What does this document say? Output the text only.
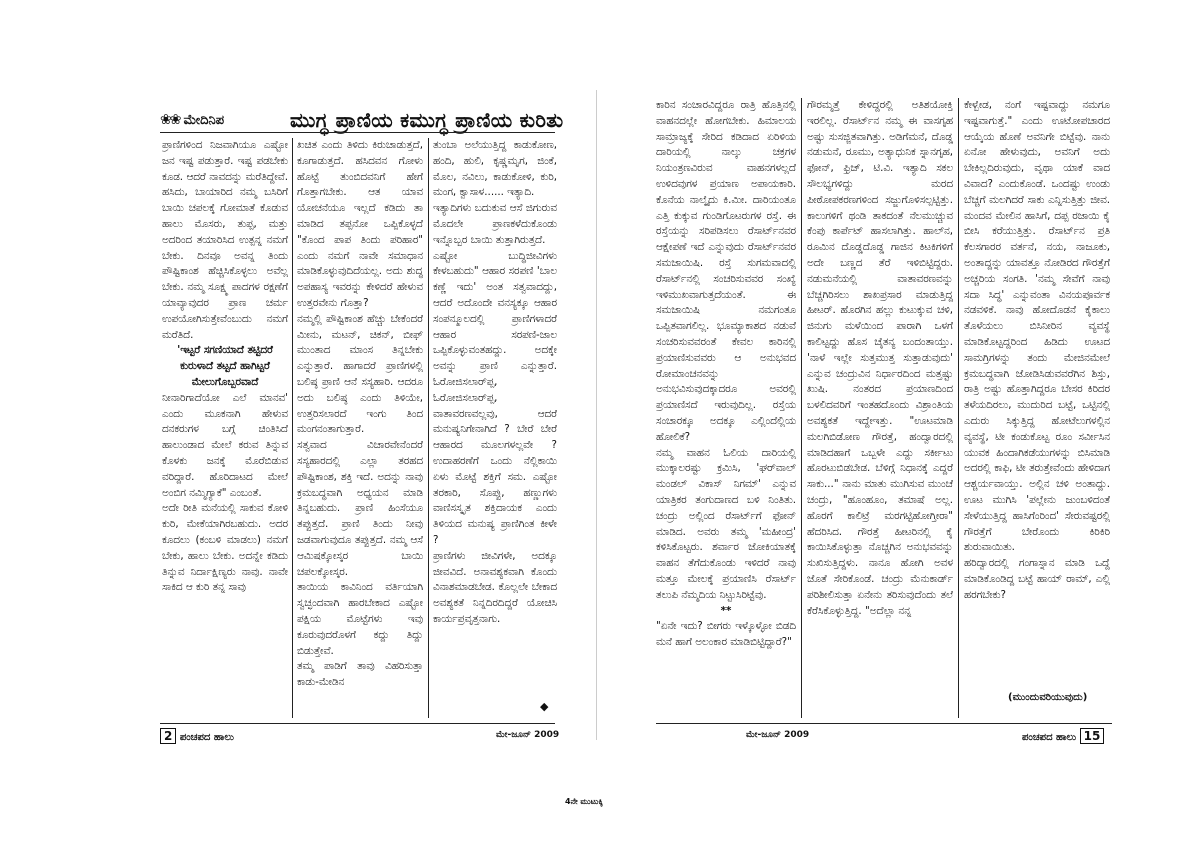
❀❀ ಮೇದಿನಿಪ	ಮುಗ್ಧ ಪ್ರಾಣಿಯ ಕಮುಗ್ಧ ಪ್ರಾಣಿಯ ಕುರಿತು

ಪ್ರಾಣಿಗಳಿಂದ ನಿಜವಾಗಿಯೂ ಎಷ್ಟೋ ಜನ ಇಷ್ಟ ಪಡುತ್ತಾರೆ. ಇಷ್ಟ ಪಡಬೇಕು ಕೂಡ. ಆದರೆ ನಾವದನ್ನು ಮರೆತಿದ್ದೇವೆ. ಹಸಿದು, ಬಾಯಾರಿದ ನಮ್ಮ ಬಸಿರಿಗೆ ಬಾಯಿ ಚಪಲಕ್ಕೆ ಗೋಮಾತೆ ಕೊಡುವ ಹಾಲು ಮೊಸರು, ತುಪ್ಪ, ಮತ್ತು ಅದರಿಂದ ತಯಾರಿಸಿದ ಉತ್ಪನ್ನ ನಮಗೆ ಬೇಕು. ದಿನವೂ ಅವನ್ನ ತಿಂದು ಪೌಷ್ಟಿಕಾಂಶ ಹೆಚ್ಚಿಸಿಕೊಳ್ಳಲು ಅವೆಲ್ಲ ಬೇಕು. ನಮ್ಮ ಸೂಕ್ಷ್ಮ ಪಾದಗಳ ರಕ್ಷಣೆಗೆ ಯಾವ್ಯಾವುದರ ಪ್ರಾಣ ಚರ್ಮ ಉಪಯೋಗಿಸುತ್ತೇವೆಂಬುದು ನಮಗೆ ಮರೆತಿದೆ.

'ಇಟ್ಟರೆ ಸಗಣಿಯಾದೆ ತಟ್ಟಿದರೆ ಕುರುಳಾದೆ ತಟ್ಟದೆ ಹಾಗಿಟ್ಟರೆ ಮೇಲುಗೊಬ್ಬರವಾದೆ

ನೀನಾರಿಗಾದೆಯೋ ಎಲೆ ಮಾನವ' ಎಂದು ಮೂಕನಾಗಿ ಹೇಳುವ ದನಕರುಗಳ ಬಗ್ಗೆ ಚಿಂತಿಸಿದೆ ಹಾಲುಂಡಾದ ಮೇಲೆ ಕರುವ ತಿನ್ನುವ ಕೊಳಕು ಜನಕ್ಕೆ ಮೊರೆಬಿಡುವ ವರಿದ್ದಾರೆ. ಹೊರಿದಾಟದ ಮೇಲೆ ಅಂಬಿಗ ನಮ್ಮಿಗ್ಯಾಕೆ" ಎಂಬಂತೆ.

ಅದೇ ರೀತಿ ಮನೆಯಲ್ಲಿ ಸಾಕುವ ಕೋಳಿ ಕುರಿ, ಮೇಕೆಯಾಗಿರಬಹುದು. ಅದರ ಕೂದಲು (ಕಂಬಳಿ ಮಾಡಲು) ನಮಗೆ ಬೇಕು, ಹಾಲು ಬೇಕು. ಅದನ್ನೇ ಕಡಿದು ತಿನ್ನುವ ನಿರ್ದಾಕ್ಷಿಣ್ಯರು ನಾವು. ನಾವೇ ಸಾಕಿದ ಆ ಕುರಿ ತನ್ನ ಸಾವು

ಖಚಿತ ಎಂದು ತಿಳಿದು ಕಿರುಚಾಡುತ್ತದೆ, ಕೂಗಾಡುತ್ತದೆ. ಹಸಿದವನ ಗೋಳು ಹೊಟ್ಟೆ ತುಂಬಿದವನಿಗೆ ಹೇಗೆ ಗೊತ್ತಾಗಬೇಕು. ಆತ ಯಾವ ಯೋಚನೆಯೂ ಇಲ್ಲದೆ ಕಡಿದು ತಾ ಮಾಡಿದ ತಪ್ಪನೋ ಒಪ್ಪಿಕೊಳ್ಳದೆ "ಕೊಂದ ಪಾಪ ತಿಂದು ಪರಿಹಾರ" ಎಂದು ನಮಗೆ ನಾವೇ ಸಮಾಧಾನ ಮಾಡಿಕೊಳ್ಳುವುದಿದೆಯಲ್ಲ. ಅದು ಶುದ್ಧ ಅಪಹಾಸ್ಯ ಇವರನ್ನು ಕೇಳಿದರೆ ಹೇಳುವ ಉತ್ತರವೇನು ಗೊತ್ತಾ?

ನಮ್ಮಲ್ಲಿ ಪೌಷ್ಟಿಕಾಂಶ ಹೆಚ್ಚು ಬೇಕೆಂದರೆ ಮೀನು, ಮಟನ್, ಚಿಕನ್, ಬೀಫ್ ಮುಂತಾದ ಮಾಂಸ ತಿನ್ನಬೇಕು ಎನ್ನುತ್ತಾರೆ. ಹಾಗಾದರೆ ಪ್ರಾಣಿಗಳಲ್ಲಿ ಬಲಿಷ್ಠ ಪ್ರಾಣಿ ಆನೆ ಸಸ್ಯಹಾರಿ. ಆದರೂ ಅದು ಬಲಿಷ್ಠ ಎಂದು ತಿಳಿಯೇ, ಉತ್ತರಿಸಲಾರದೆ ಇಂಗು ತಿಂದ ಮಂಗನಂತಾಗುತ್ತಾರೆ.

ಸತ್ವವಾದ ವಿಚಾರವೇನೆಂದರೆ ಸಸ್ಯಹಾರದಲ್ಲಿ ಎಲ್ಲಾ ತರಹದ ಪೌಷ್ಟಿಕಾಂಶ, ಶಕ್ತಿ ಇದೆ. ಅದನ್ನು ನಾವು ಕ್ರಮಬದ್ಧವಾಗಿ ಅಧ್ಯಯನ ಮಾಡಿ ತಿನ್ನಬಹುದು. ಪ್ರಾಣಿ ಹಿಂಸೆಯೂ ತಪ್ಪುತ್ತದೆ. ಪ್ರಾಣಿ ತಿಂದು ನೀವು ಜಡವಾಗುವುದೂ ತಪ್ಪುತ್ತದೆ. ನಮ್ಮ ಆಸೆ ಆಮಿಷಕ್ಕೋಸ್ಕರ ಬಾಯಿ ಚಪಲಕ್ಕೋಸ್ಕರ.

ತಾಯಿಯ ಕಾವಿನಿಂದ ವರ್ತಿಯಾಗಿ ಸ್ವಚ್ಛಂದವಾಗಿ ಹಾರಬೇಕಾದ ಎಷ್ಟೋ ಪಕ್ಷಿಯ ಮೊಟ್ಟೆಗಳು ಇವು ಕೂರುವುದರೊಳಗೆ ಕದ್ದು ತಿದ್ದು ಬಿಡುತ್ತೇವೆ.

ತಮ್ಮ ಪಾಡಿಗೆ ತಾವು ವಿಹರಿಸುತ್ತಾ ಕಾಡು-ಮೇಡಿನ

ತುಂಬಾ ಅಲೆಯುತ್ತಿದ್ದ ಕಾಡುಕೋಣ, ಹಂದಿ, ಹುಲಿ, ಕೃಷ್ಣಮೃಗ, ಜಿಂಕೆ, ಮೊಲ, ನವಿಲು, ಕಾಡುಕೋಳಿ, ಕುರಿ, ಮಂಗ, ಕ್ವಾಸಾಳ...... ಇತ್ಯಾದಿ.

ಇತ್ಯಾದಿಗಳು ಬದುಕುವ ಆಸೆ ಜಿಗುರುವ ಮೊದಲೇ ಪ್ರಾಣಕಳೆದುಕೊಂಡು ಇನ್ನೊಬ್ಬರ ಬಾಯಿ ತುತ್ತಾಗಿರುತ್ತದೆ.

ಎಷ್ಟೋ ಬುದ್ಧಿಜೀವಿಗಳು ಕೇಳಬಹುದು" ಆಹಾರ ಸರಪಣಿ 'ಬಾಲ ಕಣ್ಣೆ ಇದು' ಅಂತ ಸತ್ವವಾದದ್ದು, ಆದರೆ ಅದೊಂದೇ ವನಸ್ಯಕ್ಕೂ ಆಹಾರ ಸಂಪನ್ಮೂಲದಲ್ಲಿ ಪ್ರಾಣಿಗಳಾದರೆ ಆಹಾರ ಸರಪಣಿ-ಜಾಲ ಒಪ್ಪಿಕೊಳ್ಳುವಂತಹದ್ದು. ಅದಕ್ಕೇ ಅವನ್ನು ಪ್ರಾಣಿ ಎನ್ನುತ್ತಾರೆ. ಓರೋಜಿಸಲಾರ್‌ಪ್ಪ, ಓರೋಜಿಸಲಾರ್‌ಪ್ಪ, ವಾತಾವರಣವಲ್ಲವು, ಆದರೆ ಮನುಷ್ಯನಿಗೇನಾಗಿದೆ ? ಬೇರೆ ಬೇರೆ ಆಹಾರದ ಮೂಲಗಳಲ್ಲವೇ ? ಉದಾಹರಣೆಗೆ ಒಂದು ನೆಲ್ಲಿಕಾಯಿ ಏಳು ಮೊಟ್ಟೆ ಶಕ್ತಿಗೆ ಸಮ. ಎಷ್ಟೋ ತರಕಾರಿ, ಸೊಪ್ಪು, ಹಣ್ಣುಗಳು ವಾಣಿಸಸ್ಕೃತ ಶಕ್ತಿದಾಯಕ ಎಂದು ತಿಳಿಯದ ಮನುಷ್ಯ ಪ್ರಾಣಿಗಿಂತ ಕೀಳೇ ?

ಪ್ರಾಣಿಗಳು ಜೀವಿಗಳೇ, ಅದಕ್ಕೂ ಜೀವವಿದೆ. ಅನಾವಶ್ಯಕವಾಗಿ ಕೊಂದು ವಿನಾಶಮಾಡಬೇಡ. ಕೊಲ್ಲಲೇ ಬೇಕಾದ ಅವಶ್ಯಕತೆ ನಿನ್ನದಿರದಿದ್ದರೆ ಯೋಚಿಸಿ ಕಾರ್ಯಪ್ರವೃತ್ತನಾಗು.

◆
2 ಪಂಚಪದ ಹಾಲು	ಮೇ-ಜೂನ್ 2009

ಕಾರಿನ ಸಂಚಾರವಿದ್ದರೂ ರಾತ್ರಿ ಹೊತ್ತಿನಲ್ಲಿ ವಾಹನದಲ್ಲೇ ಹೋಗಬೇಕು. ಹಿಮಾಲಯ ಸಾಮ್ರಾಜ್ಯಕ್ಕೆ ಸೇರಿದ ಕಡಿದಾದ ಏರಿಳಿಯ ದಾರಿಯಲ್ಲಿ ನಾಲ್ಕು ಚಕ್ರಗಳ ನಿಯಂತ್ರಣವಿರುವ ವಾಹನಗಳಲ್ಲದೆ ಉಳಿದವುಗಳ ಪ್ರಯಾಣ ಅಪಾಯಕಾರಿ. ಕೊನೆಯ ನಾಲ್ಕೈದು ಕಿ.ಮೀ. ದಾರಿಯಂತೂ ಎತ್ತಿ ಕುಕ್ಕುವ ಗುಂಡಿಗೊಟರುಗಳ ರಸ್ತೆ. ಈ ರಸ್ತೆಯನ್ನು ಸರಿಪಡಿಸಲು ರೆಸಾರ್ಟ್‌ನವರ ಆಕ್ಷೇಪಣೆ ಇದೆ ಎನ್ನುವುದು ರೆಸಾರ್ಟ್‌ನವರ ಸಮಜಾಯಿಷಿ. ರಸ್ತೆ ಸುಗಮವಾದಲ್ಲಿ ರೆಸಾರ್ಟ್‌ನಲ್ಲಿ ಸಂಚರಿಸುವವರ ಸಂಖ್ಯೆ ಇಳಿಮುಖವಾಗುತ್ತದೆಯಂತೆ. ಈ ಸಮಜಾಯಿಷಿ ನಮಗಂತೂ ಒಪ್ಪಿತವಾಗಲಿಲ್ಲ. ಭೂಮ್ಯಾಕಾಶದ ನಡುವೆ ಸಂಚರಿಸುವವರಂತೆ ಕೇವಲ ಕಾರಿನಲ್ಲಿ ಪ್ರಯಾಣಿಸುವವರು ಆ ಅನುಭವದ ರೋಮಾಂಚನವನ್ನು ಅನುಭವಿಸುವುದಕ್ಕಾದರೂ ಅವರಲ್ಲಿ ಪ್ರಯಾಣಿಸದೆ ಇರುವುದಿಲ್ಲ. ರಸ್ತೆಯ ಸಂಚಾರಕ್ಕೂ ಅದಕ್ಕೂ ಎಲ್ಲಿಂದೆಲ್ಲಿಯ ಹೋಲಿಕೆ?

ನಮ್ಮ ವಾಹನ ಓಲಿಯ ದಾರಿಯಲ್ಲಿ ಮುಕ್ಕಾಲರಷ್ಟು ಕ್ರಮಿಸಿ, 'ಘರ್‌ವಾಲ್ ಮಂಡಲ್ ವಿಕಾಸ್ ನಿಗಮ್' ಎನ್ನುವ ಯಾತ್ರಿಕರ ತಂಗುದಾಣದ ಬಳಿ ನಿಂತಿತು. ಚಂದ್ರು ಅಲ್ಲಿಂದ ರೆಸಾರ್ಟ್‌ಗೆ ಫೋನ್ ಮಾಡಿದ. ಅವರು ತಮ್ಮ 'ಮಹೀಂದ್ರ' ಕಳಿಸಿಕೊಟ್ಟರು. ಶರ್ವಾರ ಜೋಕಿಯಾತಕ್ಕೆ ವಾಹನ ತೆಗೆದುಕೊಂಡು ಇಳಿದರೆ ನಾವು ಮತ್ತೂ ಮೇಲಕ್ಕೆ ಪ್ರಯಾಣಿಸಿ ರೆಸಾರ್ಟ್ ತಲುಪಿ ನೆಮ್ಮದಿಯ ನಿಟ್ಟುಸಿರಿಟ್ಟೆವು.

**

"ಏನೇ ಇದು? ಬೀಗರು ಇಳ್ಕೊಳ್ಳೋ ಬಿಡದಿ ಮನೆ ಹಾಗೆ ಅಲಂಕಾರ ಮಾಡಿಬಿಟ್ಟಿದ್ದಾರೆ?"

ಗೌರಮ್ಮತ್ತೆ ಕೇಳಿದ್ದರಲ್ಲಿ ಅತಿಶಯೋಕ್ತಿ ಇರಲಿಲ್ಲ. ರೆಸಾರ್ಟ್‌ನ ನಮ್ಮ ಈ ವಾಸಗೃಹ ಅಷ್ಟು ಸುಸಜ್ಜಿತವಾಗಿತ್ತು. ಅಡಿಗೆಮನೆ, ದೊಡ್ಡ ನಡುಮನೆ, ರೂಮು, ಅತ್ಯಾಧುನಿಕ ಸ್ನಾನಗೃಹ, ಫೋನ್, ಫ್ರಿಜ್, ಟಿ.ವಿ. ಇತ್ಯಾದಿ ಸಕಲ ಸೌಲಭ್ಯಗಳಿದ್ದು ಮರದ ಪೀಠೋಪಕರಣಗಳಿಂದ ಸಜ್ಜುಗೊಳಿಸಲ್ಪಟ್ಟಿತ್ತು. ಕಾಲುಗಳಿಗೆ ಥಂಡಿ ತಾಕದಂತೆ ನೆಲಮುಚ್ಚುವ ಕೆಂಪು ಕಾರ್ಪೆಟ್ ಹಾಸಲಾಗಿತ್ತು. ಹಾಲ್‌ನ, ರೂಮಿನ ದೊಡ್ಡದೊಡ್ಡ ಗಾಜಿನ ಕಿಟಕಿಗಳಿಗೆ ಅದೇ ಬಣ್ಣದ ತೆರೆ ಇಳಿಬಿಟ್ಟಿದ್ದರು. ನಡುಮನೆಯಲ್ಲಿ ವಾತಾವರಣವನ್ನು ಬೆಚ್ಚಗಿರಿಸಲು ಶಾಖಪ್ರಸಾರ ಮಾಡುತ್ತಿದ್ದ ಹೀಟರ್. ಹೊರಗಿನ ಹಲ್ಲು ಕುಟುಕ್ಕುವ ಚಳಿ, ಜಿನುಗು ಮಳೆಯಿಂದ ಪಾರಾಗಿ ಒಳಗೆ ಕಾಲಿಟ್ಟದ್ದು ಹೊಸ ಚೈತನ್ಯ ಬಂದಂತಾಯ್ತು. 'ನಾಳೆ ಇಲ್ಲೇ ಸುತ್ತಮುತ್ತ ಸುತ್ತಾಡುವುದು' ಎನ್ನುವ ಚಂದ್ರುವಿನ ನಿರ್ಧಾರದಿಂದ ಮತ್ತಷ್ಟು ಖುಷಿ. ನಂತರದ ಪ್ರಯಾಣದಿಂದ ಬಳಲಿದವರಿಗೆ ಇಂತಹದೊಂದು ವಿಶ್ರಾಂತಿಯ ಅವಶ್ಯಕತೆ ಇದ್ದೇಇತ್ತು. "ಊಟಮಾಡಿ ಮಲಗಿಬಿಡೋಣ ಗೌರತ್ತೆ, ಹಂದ್ವಾರದಲ್ಲಿ ಮಾಡಿದಹಾಗೆ ಒಬ್ಬಳೇ ಎದ್ದು ಸರ್ಕೀಟು ಹೊರಟುಬಿಡಬೇಡ. ಬೆಳಿಗ್ಗೆ ನಿಧಾನಕ್ಕೆ ಎದ್ದರೆ ಸಾಕು..." ನಾನು ಮಾತು ಮುಗಿಸುವ ಮುಂಚೆ ಚಂದ್ರು, "ಹೂಂಹೂಂ, ತಮಾಷೆ ಅಲ್ಲ. ಹೊರಗೆ ಕಾಲಿಟ್ರೆ ಮರಗಟ್ಟಿಹೋಗ್ತೀರಾ" ಹೆದರಿಸಿದ. ಗೌರತ್ತೆ ಹೀಟರಿನಲ್ಲಿ ಕೈ ಕಾಯಿಸಿಕೊಳ್ಳುತ್ತಾ ನೊಚ್ಚಗಿನ ಅನುಭವವನ್ನು ಸುಖಿಸುತ್ತಿದ್ದಳು. ನಾನೂ ಹೋಗಿ ಅವಳ ಜೊತೆ ಸೇರಿಕೊಂಡೆ. ಚಂದ್ರು ಮೆನುಕಾರ್ಡ್ ಪರಿಶೀಲಿಸುತ್ತಾ ಏನೇನು ತರಿಸುವುದೆಂದು ತಲೆ ಕೆರೆಸಿಕೊಳ್ಳುತ್ತಿದ್ದ. "ಅದೆಲ್ಲಾ ನನ್ನ

ಕೇಳ್ಬೇಡ, ನಂಗೆ ಇಷ್ಟವಾದ್ದು ನಮಗೂ ಇಷ್ಟವಾಗುತ್ತೆ." ಎಂದು ಊಟೋಪಚಾರದ ಆಯ್ಕೆಯ ಹೊಣೆ ಅವನಿಗೇ ಬಿಟ್ಟೆವು. ನಾನು ಏನೋ ಹೇಳುವುದು, ಅವನಿಗೆ ಅದು ಬೇಕಿಲ್ಲದಿರುವುದು, ವೃಥಾ ಯಾಕೆ ವಾದ ವಿವಾದ? ಎಂದುಕೊಂಡೆ. ಒಂದಷ್ಟು ಉಂಡು ಬೆಚ್ಚಗೆ ಮಲಗಿದರೆ ಸಾಕು ಎನ್ನಿಸುತ್ತಿತ್ತು ಜೀವ. ಮಂದವ ಮೇಲಿನ ಹಾಸಿಗೆ, ದಪ್ಪ ರಜಾಯಿ ಕೈ ಬೀಸಿ ಕರೆಯುತ್ತಿತ್ತು. ರೆಸಾರ್ಟ್‌ನ ಪ್ರತಿ ಕೆಲಸಗಾರರ ವರ್ತನೆ, ನಯ, ನಾಜೂಕು, ಅಂತಾದ್ದನ್ನು ಯಾವತ್ತೂ ನೋಡಿರದ ಗೌರತ್ತೆಗೆ ಅಚ್ಚರಿಯ ಸಂಗತಿ. 'ನಮ್ಮ ಸೇವೆಗೆ ನಾವು ಸದಾ ಸಿದ್ಧ' ಎನ್ನುವಂತಾ ವಿನಯಪೂರ್ವಕ ನಡವಳಿಕೆ. ನಾವು ಹೋದೊಡನೆ ಕೈಕಾಲು ತೊಳೆಯಲು ಬಿಸಿನೀರಿನ ವ್ಯವಸ್ಥೆ ಮಾಡಿಕೊಟ್ಟದ್ದರಿಂದ ಹಿಡಿದು ಊಟದ ಸಾಮಗ್ರಿಗಳನ್ನು ತಂದು ಮೇಜಿನಮೇಲೆ ಕ್ರಮಬದ್ಧವಾಗಿ ಜೋಡಿಸಿಡುವವರೆಗಿನ ಶಿಸ್ತು, ರಾತ್ರಿ ಅಷ್ಟು ಹೊತ್ತಾಗಿದ್ದರೂ ಬೇಸರ ಕಿರಿದರ ತಳೆಯದಿರಲು, ಮುದುರಿದ ಬಟ್ಟೆ, ಒಟ್ಟಿನಲ್ಲಿ ಎದುರು ಸಿಕ್ಕುತ್ತಿದ್ದ ಹೋಟೆಲುಗಳಲ್ಲಿನ ವ್ಯವಸ್ಥೆ, ಟೀ ಕಂಡುಕೊಟ್ಟ ರೂಂ ಸರ್ವೀಸಿನ ಯುವಕ ಹಿಂದಾಗಿಕಡೆಯುಗಳನ್ನು ಬಿಸಿಮಾಡಿ ಅದರಲ್ಲಿ ಕಾಫಿ, ಟೀ ತರುತ್ತೇವೆಂದು ಹೇಳಿದಾಗ ಆಶ್ಚರ್ಯವಾಯ್ತು. ಅಲ್ಲಿನ ಚಳಿ ಅಂತಾದ್ದು. ಊಟ ಮುಗಿಸಿ 'ಪಲ್ಲೇನು ಜುಂಬಳಿದಂತೆ ಸೇಳೆಯುತ್ತಿದ್ದ ಹಾಸಿಗೆಂರಿಂದ' ಸೇರುವಷ್ಟರಲ್ಲಿ ಗೌರತ್ತೆಗೆ ಬೇರೊಂದು ಕಿರಿಕಿರಿ ಶುರುವಾಯಿತು.

ಹರಿದ್ವಾರದಲ್ಲಿ ಗಂಗಾಸ್ನಾನ ಮಾಡಿ ಒದ್ದೆ ಮಾಡಿಕೊಂಡಿದ್ದ ಬಟ್ಟೆ ಹಾಯ್ ರಾಮ್, ಎಲ್ಲಿ ಹರಗಬೇಕು?

(ಮುಂದುವರಿಯುವುದು)
ಮೇ-ಜೂನ್ 2009	ಪಂಚಪದ ಹಾಲು 15
4ನೇ ಮುಟುಕ್ಕಿ
